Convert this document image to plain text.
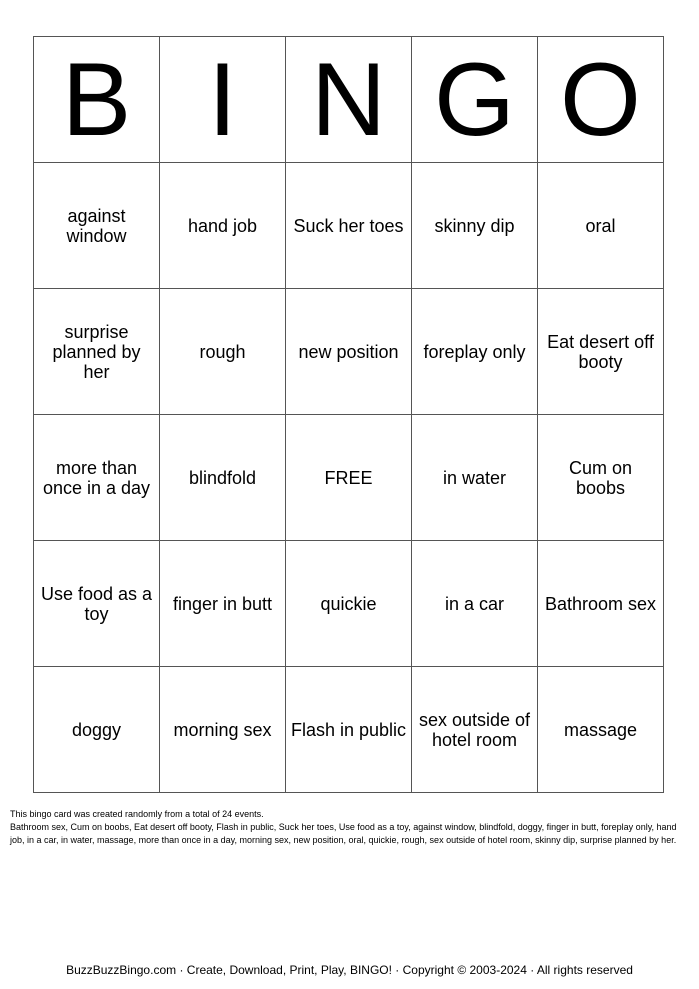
B	I	N	G	O
against window	hand job	Suck her toes	skinny dip	oral
surprise planned by her	rough	new position	foreplay only	Eat desert off booty
more than once in a day	blindfold	FREE	in water	Cum on boobs
Use food as a toy	finger in butt	quickie	in a car	Bathroom sex
doggy	morning sex	Flash in public	sex outside of hotel room	massage
This bingo card was created randomly from a total of 24 events.
Bathroom sex, Cum on boobs, Eat desert off booty, Flash in public, Suck her toes, Use food as a toy, against window, blindfold, doggy, finger in butt, foreplay only, hand job, in a car, in water, massage, more than once in a day, morning sex, new position, oral, quickie, rough, sex outside of hotel room, skinny dip, surprise planned by her.
BuzzBuzzBingo.com · Create, Download, Print, Play, BINGO! · Copyright © 2003-2024 · All rights reserved
